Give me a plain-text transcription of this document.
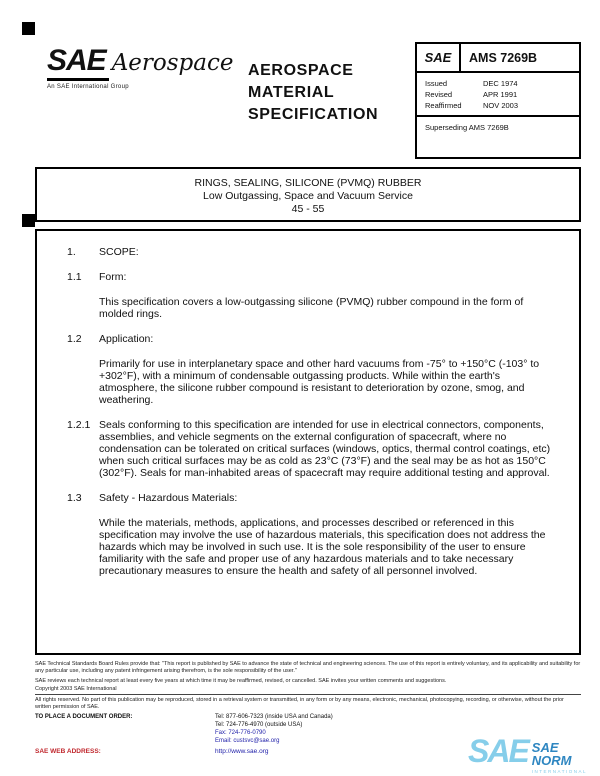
SAE Aerospace
An SAE International Group
AEROSPACE
MATERIAL
SPECIFICATION
SAE	AMS 7269B
Issued	DEC 1974
Revised	APR 1991
Reaffirmed	NOV 2003
Superseding AMS 7269B
RINGS, SEALING, SILICONE (PVMQ) RUBBER
Low Outgassing, Space and Vacuum Service
45 - 55
1.	SCOPE:
1.1	Form:
This specification covers a low-outgassing silicone (PVMQ) rubber compound in the form of molded rings.
1.2	Application:
Primarily for use in interplanetary space and other hard vacuums from -75° to +150°C (-103° to +302°F), with a minimum of condensable outgassing products. While within the earth's atmosphere, the silicone rubber compound is resistant to deterioration by ozone, smog, and weathering.
1.2.1 Seals conforming to this specification are intended for use in electrical connectors, components, assemblies, and vehicle segments on the external configuration of spacecraft, where no condensation can be tolerated on critical surfaces (windows, optics, thermal control coatings, etc) when such critical surfaces may be as cold as 23°C (73°F) and the seal may be as hot as 150°C (302°F). Seals for man-inhabited areas of spacecraft may require additional testing and approval.
1.3	Safety - Hazardous Materials:
While the materials, methods, applications, and processes described or referenced in this specification may involve the use of hazardous materials, this specification does not address the hazards which may be involved in such use. It is the sole responsibility of the user to ensure familiarity with the safe and proper use of any hazardous materials and to take necessary precautionary measures to ensure the health and safety of all personnel involved.

SAE Technical Standards Board Rules provide that: "This report is published by SAE to advance the state of technical and engineering sciences. The use of this report is entirely voluntary, and its applicability and suitability for any particular use, including any patent infringement arising therefrom, is the sole responsibility of the user."

SAE reviews each technical report at least every five years at which time it may be reaffirmed, revised, or cancelled. SAE invites your written comments and suggestions.

Copyright 2003 SAE International
All rights reserved. No part of this publication may be reproduced, stored in a retrieval system or transmitted, in any form or by any means, electronic, mechanical, photocopying, recording, or otherwise, without the prior written permission of SAE.
TO PLACE A DOCUMENT ORDER:	Tel: 877-606-7323 (inside USA and Canada)
Tel: 724-776-4970 (outside USA)
Fax: 724-776-0790
Email: custsvc@sae.org
SAE WEB ADDRESS:	http://www.sae.org	SAE SAE NORM
INTERNATIONAL
